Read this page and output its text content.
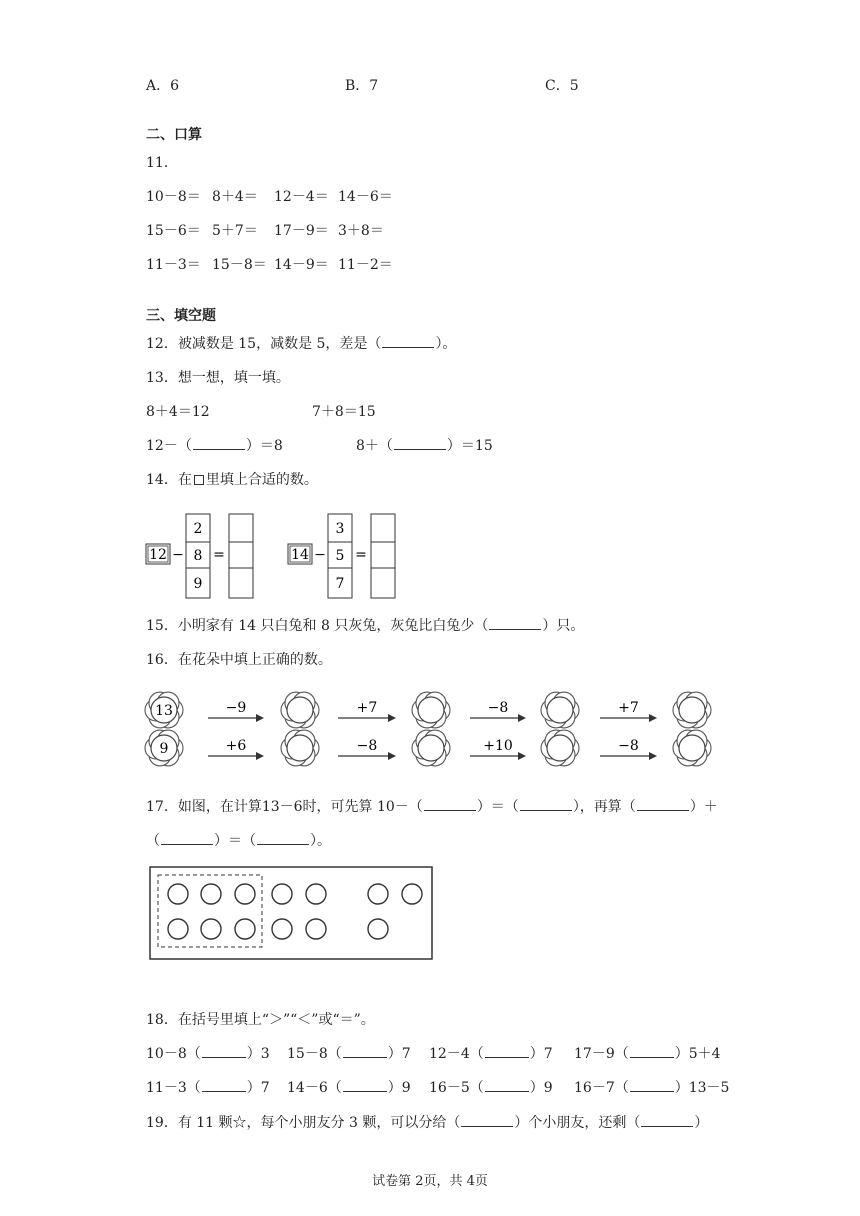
A．6	B．7	C．5
二、口算
11．
10－8＝ 8＋4＝ 12－4＝ 14－6＝
15－6＝ 5＋7＝ 17－9＝ 3＋8＝
11－3＝ 15－8＝ 14－9＝ 11－2＝
三、填空题
12．被减数是 15，减数是 5，差是（	）。
13．想一想，填一填。
8＋4＝12	7＋8＝15
12－（	）＝8	8＋（	）＝15
14．在 里填上合适的数。
12 −
2
8
9
=	14 −
3
5
7
=
15．小明家有 14 只白兔和 8 只灰兔，灰兔比白兔少（	）只。
16．在花朵中填上正确的数。
13	−9	+7	−8	+7
9	+6	−8	+10	−8
17．如图，在计算13－6时，可先算 10－（	）＝（	），再算（	）＋
（	）＝（	）。
18．在括号里填上“＞”“＜”或“＝”。
10－8（	）3 15－8（	）7 12－4（	）7 17－9（	）5＋4
11－3（	）7 14－6（	）9 16－5（	）9 16－7（	）13－5
19．有 11 颗☆，每个小朋友分 3 颗，可以分给（	）个小朋友，还剩（	）
试卷第 2页，共 4页
